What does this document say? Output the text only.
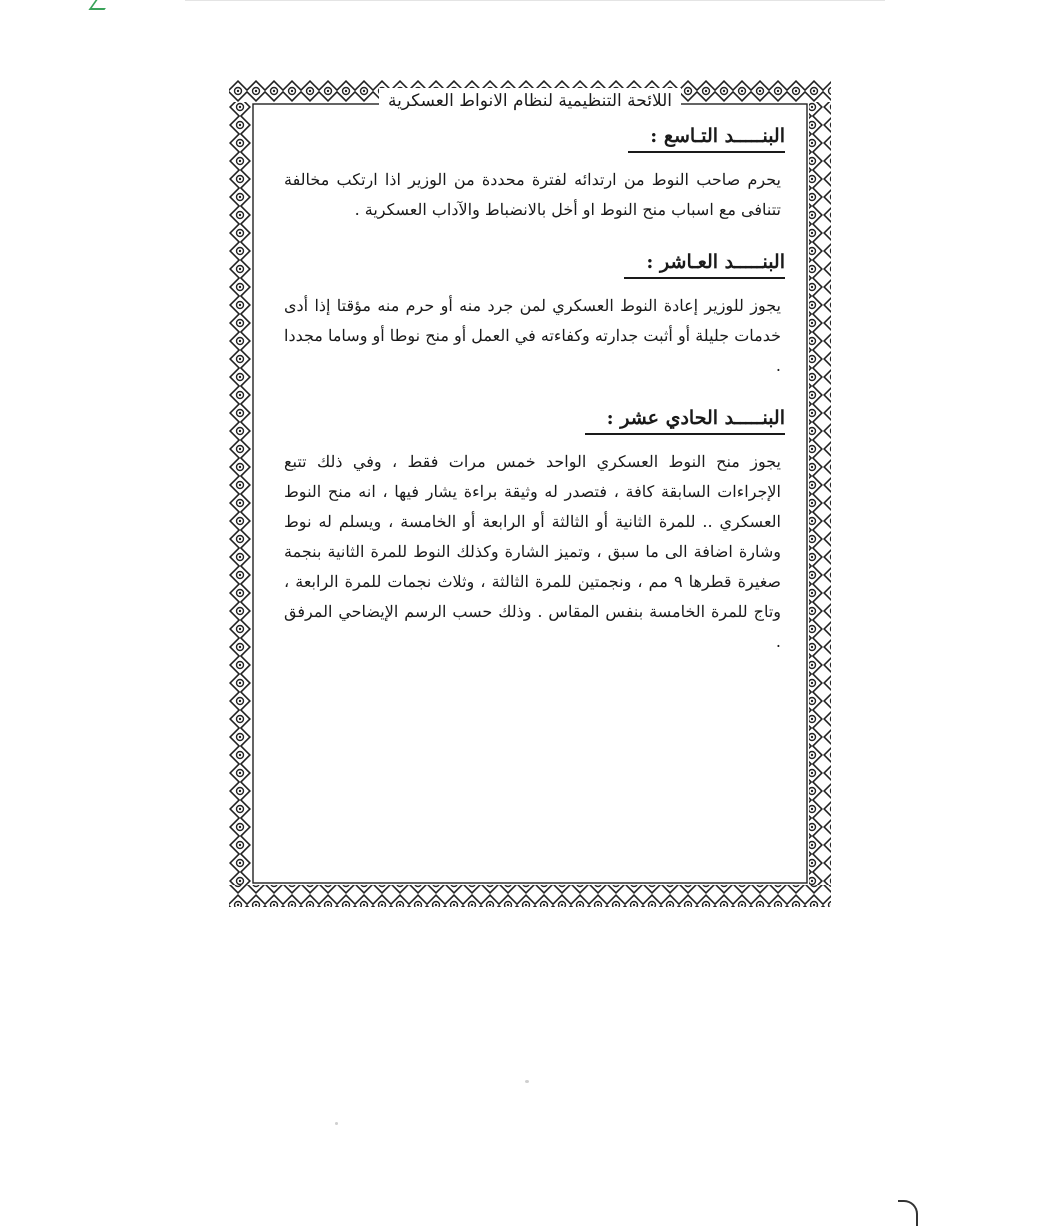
اللائحة التنظيمية لنظام الانواط العسكرية
البنـــــد التـاسع :

يحرم صاحب النوط من ارتدائه لفترة محددة من الوزير اذا ارتكب مخالفة تتنافى مع اسباب منح النوط او أخل بالانضباط والآداب العسكرية .

البنـــــد العـاشر :

يجوز للوزير إعادة النوط العسكري لمن جرد منه أو حرم منه مؤقتا إذا أدى خدمات جليلة أو أثبت جدارته وكفاءته في العمل أو منح نوطا أو وساما مجددا .

البنـــــد الحادي عشر :

يجوز منح النوط العسكري الواحد خمس مرات فقط ، وفي ذلك تتبع الإجراءات السابقة كافة ، فتصدر له وثيقة براءة يشار فيها ، انه منح النوط العسكري .. للمرة الثانية أو الثالثة أو الرابعة أو الخامسة ، ويسلم له نوط وشارة اضافة الى ما سبق ، وتميز الشارة وكذلك النوط للمرة الثانية بنجمة صغيرة قطرها ٩ مم ، ونجمتين للمرة الثالثة ، وثلاث نجمات للمرة الرابعة ، وتاج للمرة الخامسة بنفس المقاس . وذلك حسب الرسم الإيضاحي المرفق .
